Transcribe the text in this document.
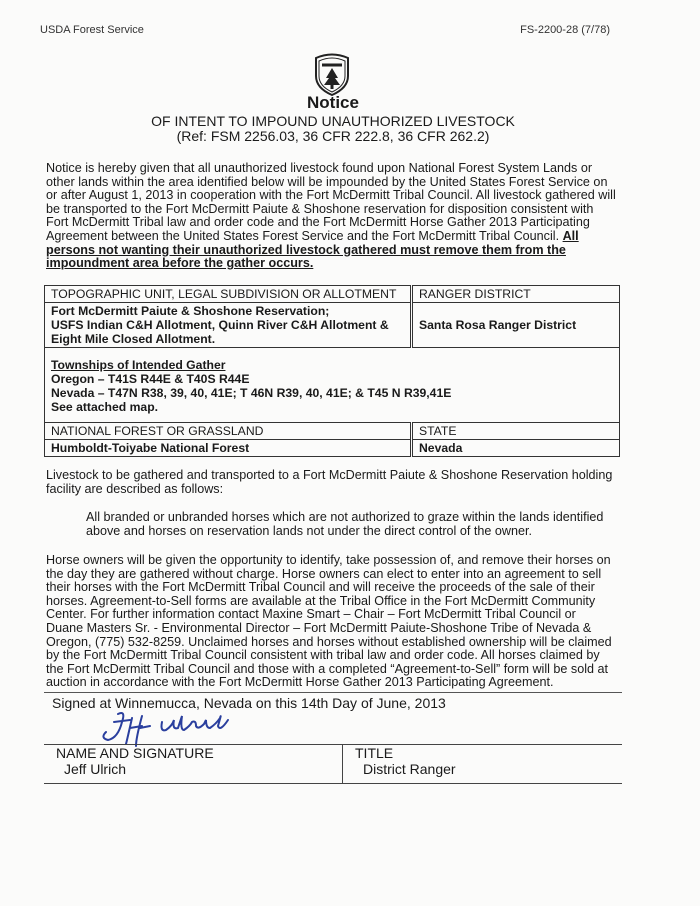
USDA Forest Service	FS-2200-28 (7/78)
Notice
OF INTENT TO IMPOUND UNAUTHORIZED LIVESTOCK
(Ref: FSM 2256.03, 36 CFR 222.8, 36 CFR 262.2)
Notice is hereby given that all unauthorized livestock found upon National Forest System Lands or other lands within the area identified below will be impounded by the United States Forest Service on or after August 1, 2013 in cooperation with the Fort McDermitt Tribal Council. All livestock gathered will be transported to the Fort McDermitt Paiute & Shoshone reservation for disposition consistent with Fort McDermitt Tribal law and order code and the Fort McDermitt Horse Gather 2013 Participating Agreement between the United States Forest Service and the Fort McDermitt Tribal Council. All persons not wanting their unauthorized livestock gathered must remove them from the impoundment area before the gather occurs.
TOPOGRAPHIC UNIT, LEGAL SUBDIVISION OR ALLOTMENT	RANGER DISTRICT

Fort McDermitt Paiute & Shoshone Reservation;
USFS Indian C&H Allotment, Quinn River C&H Allotment &
Eight Mile Closed Allotment.	Santa Rosa Ranger District

Townships of Intended Gather
Oregon – T41S R44E & T40S R44E
Nevada – T47N R38, 39, 40, 41E; T 46N R39, 40, 41E; & T45 N R39,41E
See attached map.	

NATIONAL FOREST OR GRASSLAND	STATE
Humboldt-Toiyabe National Forest	Nevada
Livestock to be gathered and transported to a Fort McDermitt Paiute & Shoshone Reservation holding facility are described as follows:
All branded or unbranded horses which are not authorized to graze within the lands identified above and horses on reservation lands not under the direct control of the owner.
Horse owners will be given the opportunity to identify, take possession of, and remove their horses on the day they are gathered without charge. Horse owners can elect to enter into an agreement to sell their horses with the Fort McDermitt Tribal Council and will receive the proceeds of the sale of their horses. Agreement-to-Sell forms are available at the Tribal Office in the Fort McDermitt Community Center. For further information contact Maxine Smart – Chair – Fort McDermitt Tribal Council or Duane Masters Sr. - Environmental Director – Fort McDermitt Paiute-Shoshone Tribe of Nevada & Oregon, (775) 532-8259. Unclaimed horses and horses without established ownership will be claimed by the Fort McDermitt Tribal Council consistent with tribal law and order code. All horses claimed by the Fort McDermitt Tribal Council and those with a completed “Agreement-to-Sell” form will be sold at auction in accordance with the Fort McDermitt Horse Gather 2013 Participating Agreement.
Signed at Winnemucca, Nevada on this 14th Day of June, 2013
NAME AND SIGNATURE
Jeff Ulrich
	TITLE
District Ranger
